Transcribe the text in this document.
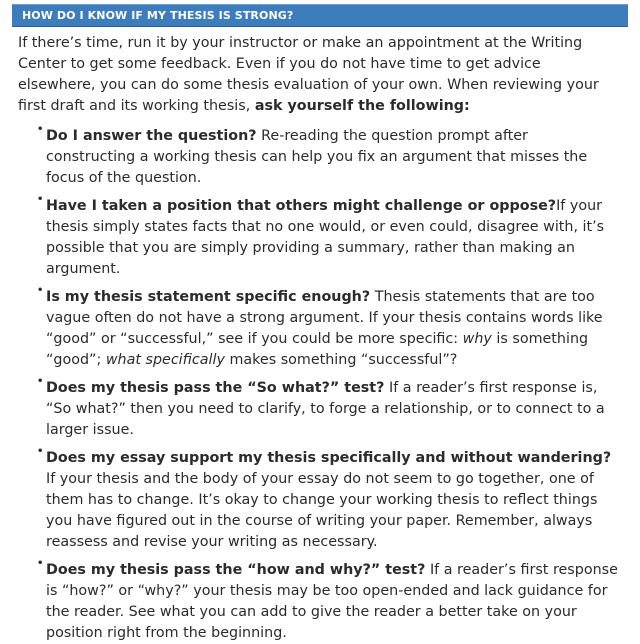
HOW DO I KNOW IF MY THESIS IS STRONG?

If there’s time, run it by your instructor or make an appointment at the Writing Center to get some feedback. Even if you do not have time to get advice elsewhere, you can do some thesis evaluation of your own. When reviewing your first draft and its working thesis, ask yourself the following:

• Do I answer the question? Re-reading the question prompt after constructing a working thesis can help you fix an argument that misses the focus of the question.
• Have I taken a position that others might challenge or oppose?If your thesis simply states facts that no one would, or even could, disagree with, it’s possible that you are simply providing a summary, rather than making an argument.
• Is my thesis statement specific enough? Thesis statements that are too vague often do not have a strong argument. If your thesis contains words like “good” or “successful,” see if you could be more specific: why is something “good”; what specifically makes something “successful”?
• Does my thesis pass the “So what?” test? If a reader’s first response is, “So what?” then you need to clarify, to forge a relationship, or to connect to a larger issue.
• Does my essay support my thesis specifically and without wandering? If your thesis and the body of your essay do not seem to go together, one of them has to change. It’s okay to change your working thesis to reflect things you have figured out in the course of writing your paper. Remember, always reassess and revise your writing as necessary.
• Does my thesis pass the “how and why?” test? If a reader’s first response is “how?” or “why?” your thesis may be too open-ended and lack guidance for the reader. See what you can add to give the reader a better take on your position right from the beginning.
